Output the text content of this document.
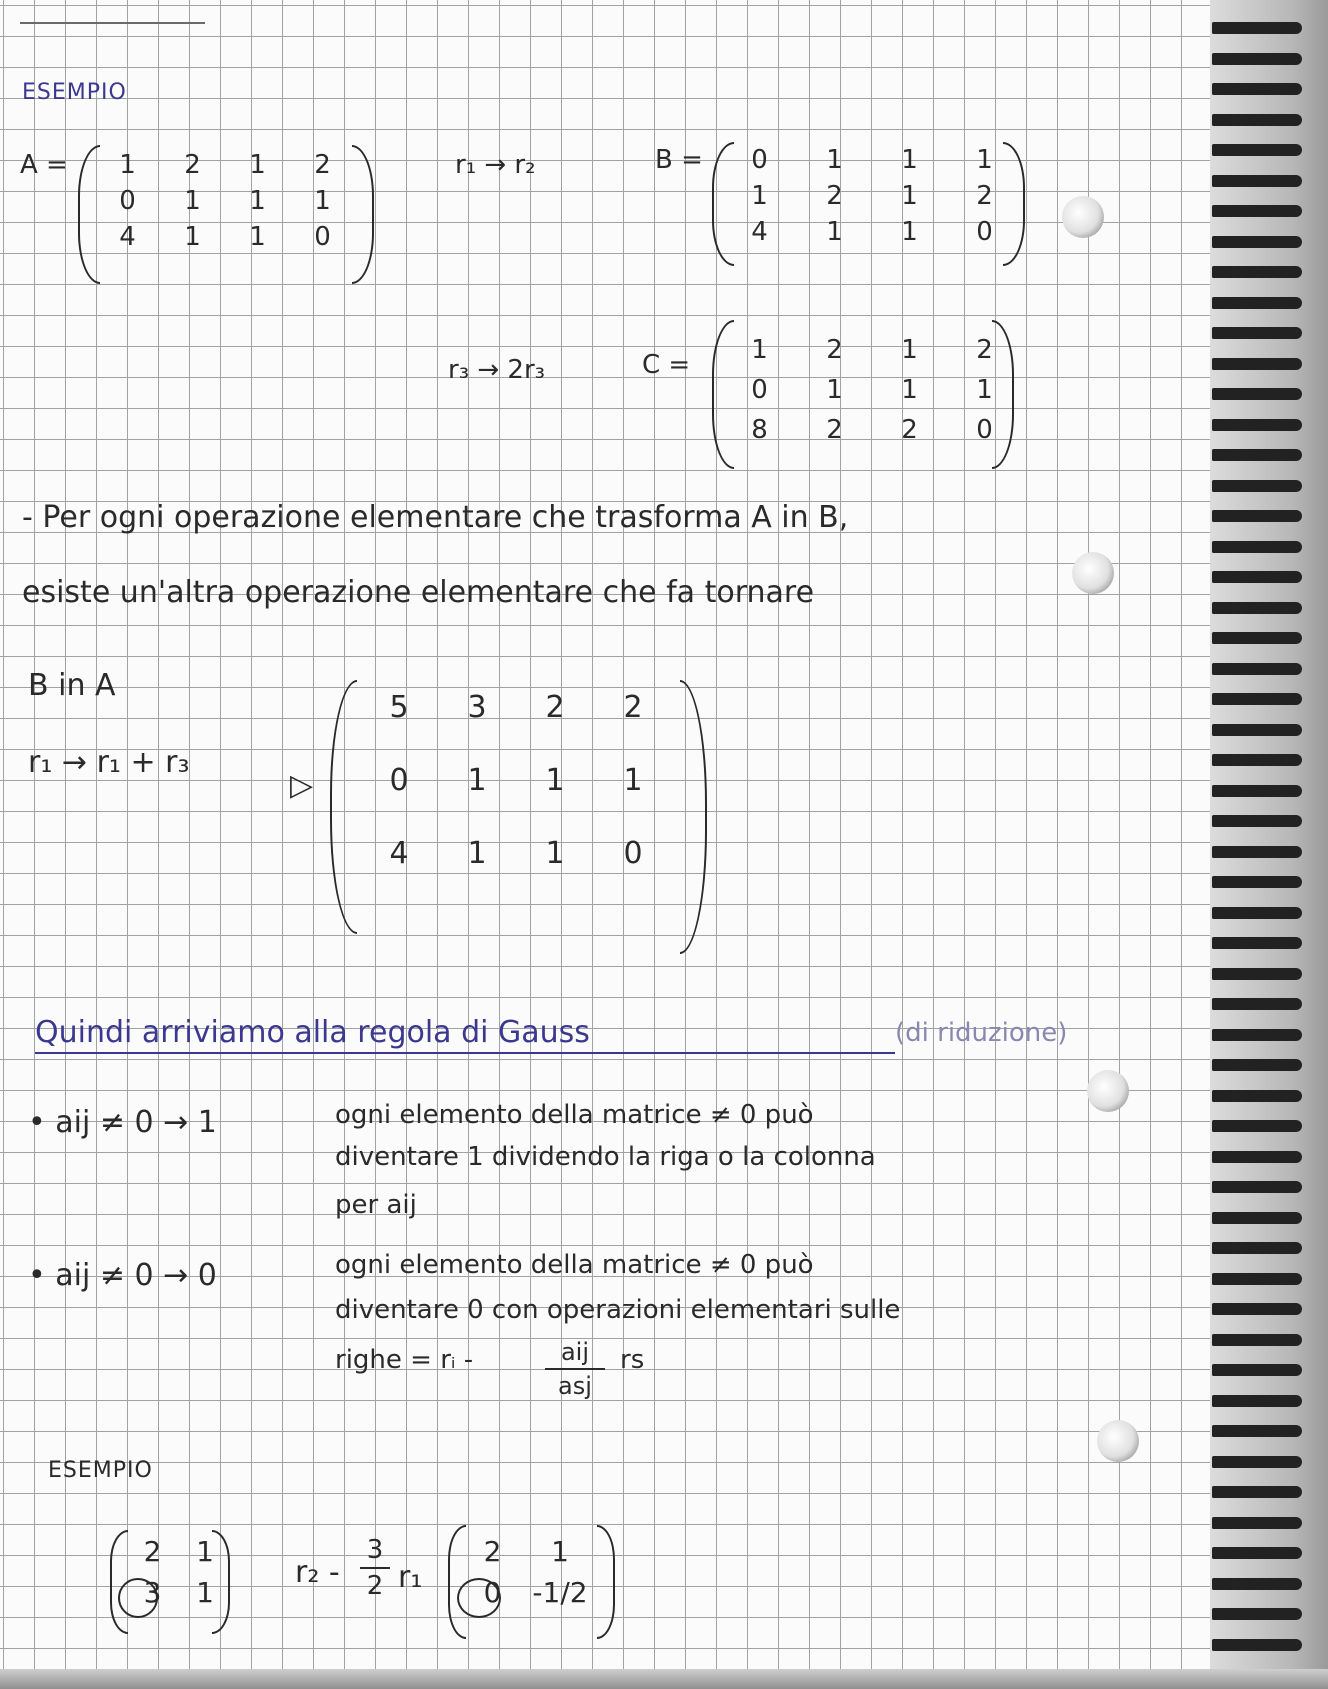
ESEMPIO
A =	1	2	1	2
0	1	1	1
4	1	1	0
r₁ → r₂	B =	0	1	1	1
1	2	1	2
4	1	1	0
r₃ → 2r₃	C =	1	2	1	2
0	1	1	1
8	2	2	0
- Per ogni operazione elementare che trasforma A in B,
esiste un'altra operazione elementare che fa tornare
B in A
r₁ → r₁ + r₃
▷
5	3	2	2
0	1	1	1
4	1	1	0
Quindi arriviamo alla regola di Gauss	(di riduzione)
• aij ≠ 0 → 1	ogni elemento della matrice ≠ 0 può
diventare 1 dividendo la riga o la colonna
per aij
• aij ≠ 0 → 0	ogni elemento della matrice ≠ 0 può
diventare 0 con operazioni elementari sulle
righe = rᵢ -	aij
asj
rs
ESEMPIO
2	1
3	1
r₂ -
3
2 r₁
2	1
0	-1/2
